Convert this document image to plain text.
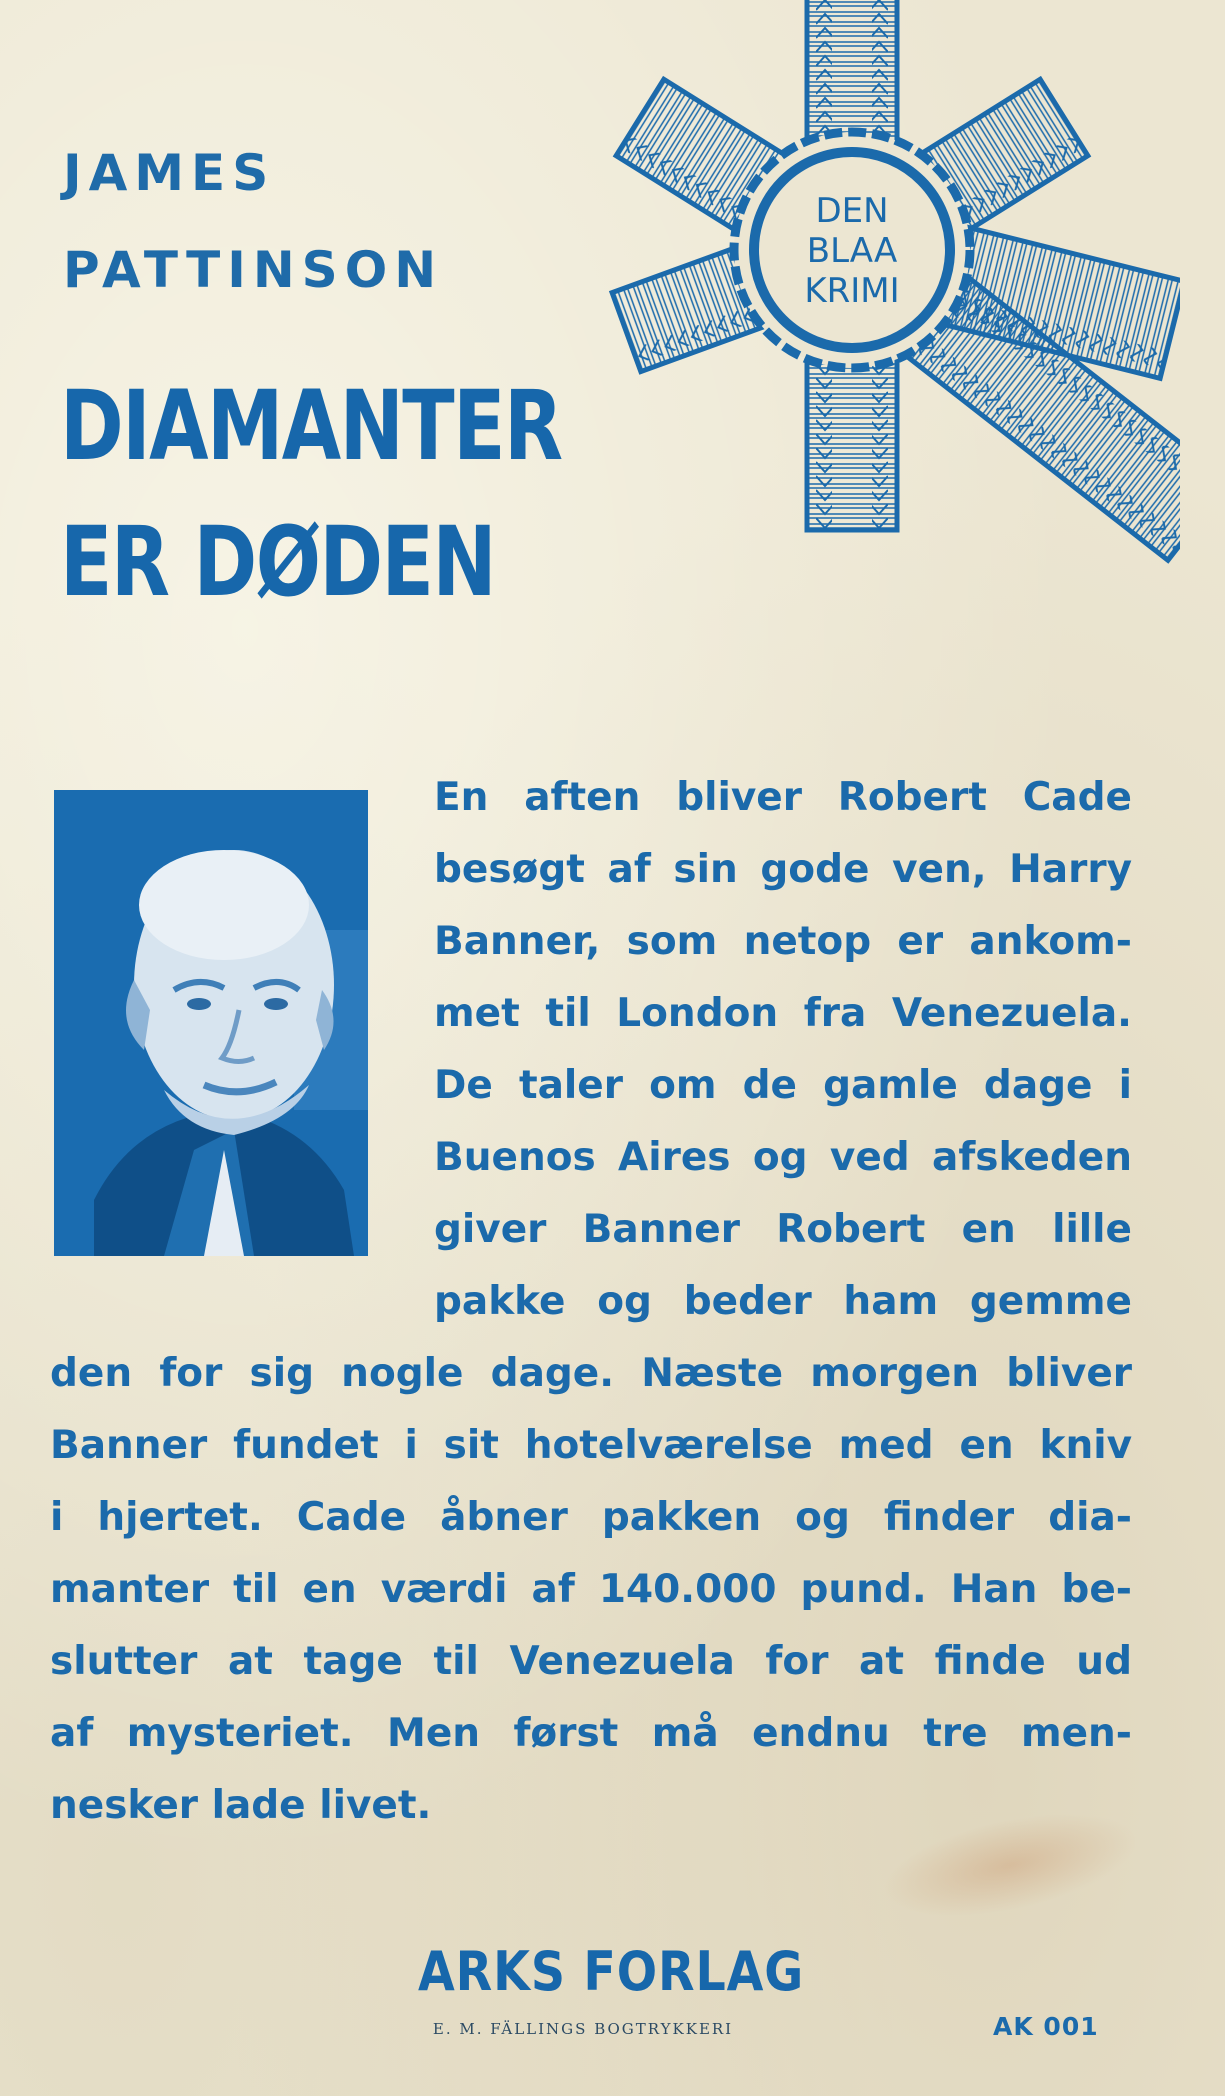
JAMES
PATTINSON
DIAMANTER
ER DØDEN
DEN
BLAA
KRIMI

En aften bliver Robert Cade
besøgt af sin gode ven, Harry
Banner, som netop er ankom-
met til London fra Venezuela.
De taler om de gamle dage i
Buenos Aires og ved afskeden
giver Banner Robert en lille
pakke og beder ham gemme
den for sig nogle dage. Næste morgen bliver
Banner fundet i sit hotelværelse med en kniv
i hjertet. Cade åbner pakken og finder dia-
manter til en værdi af 140.000 pund. Han be-
slutter at tage til Venezuela for at finde ud
af mysteriet. Men først må endnu tre men-
nesker lade livet.

ARKS FORLAG
E. M. FÄLLINGS BOGTRYKKERI	AK 001
